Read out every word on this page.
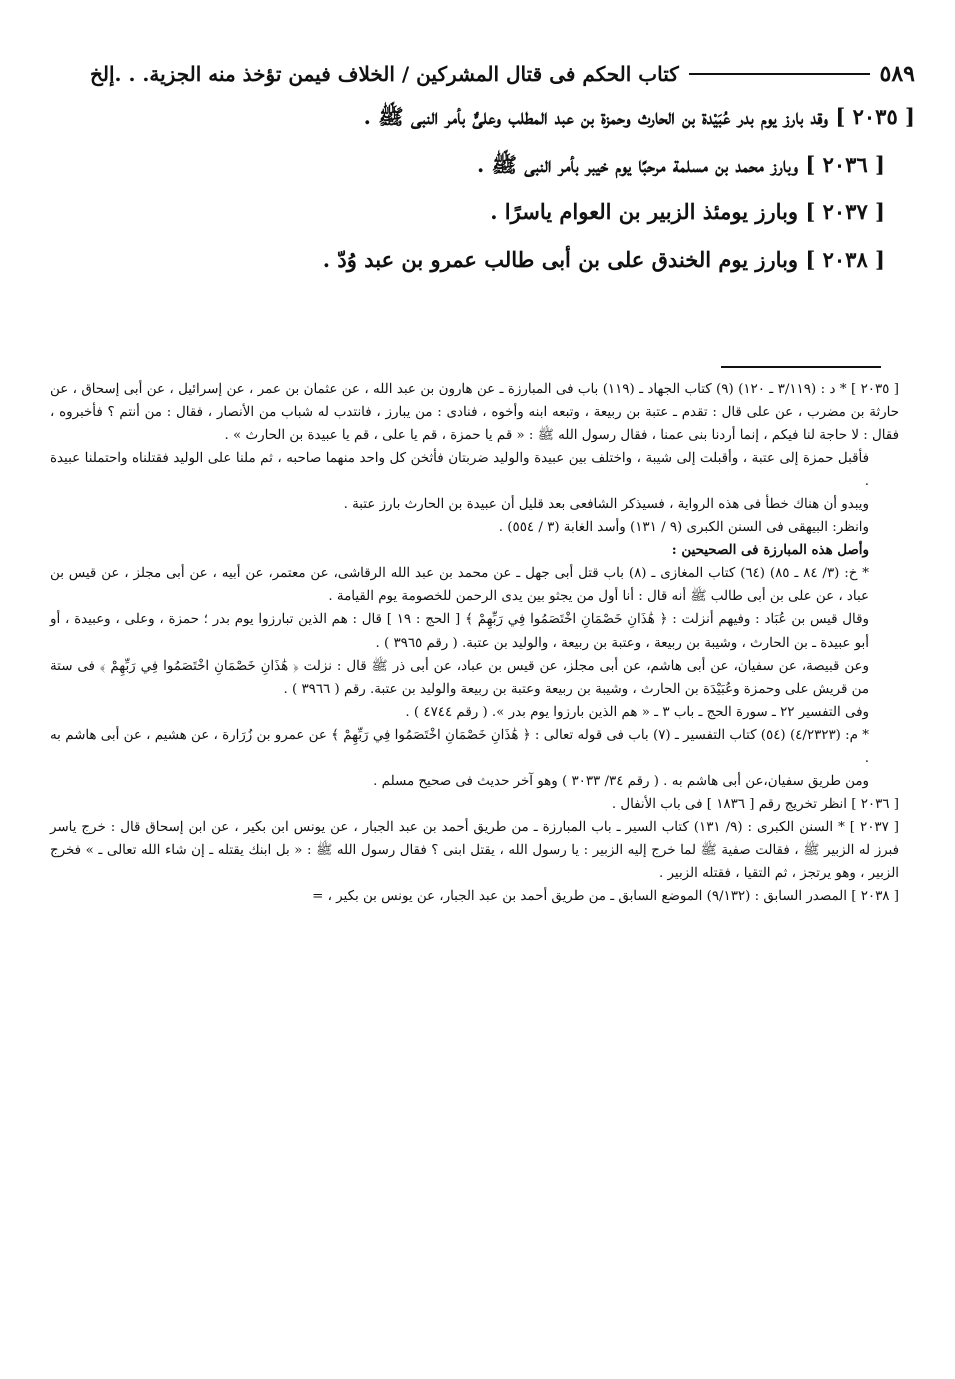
كتاب الحكم فى قتال المشركين / الخلاف فيمن تؤخذ منه الجزية. . .إلخ	٥٨٩

[ ٢٠٣٥ ] وقد بارز يوم بدر عُبَيْدة بن الحارث وحمزة بن عبد المطلب وعلىٌّ بأمر النبى ﷺ .

[ ٢٠٣٦ ] وبارز محمد بن مسلمة مرحبًا يوم خيبر بأمر النبى ﷺ .

[ ٢٠٣٧ ] وبارز يومئذ الزبير بن العوام ياسرًا .

[ ٢٠٣٨ ] وبارز يوم الخندق على بن أبى طالب عمرو بن عبد وُدّ .

[ ٢٠٣٥ ] * د : (٣/١١٩ ـ ١٢٠) (٩) كتاب الجهاد ـ (١١٩) باب فى المبارزة ـ عن هارون بن عبد الله ، عن عثمان بن عمر ، عن إسرائيل ، عن أبى إسحاق ، عن حارثة بن مضرب ، عن على قال : تقدم ـ عتبة بن ربيعة ، وتبعه ابنه وأخوه ، فنادى : من يبارز ، فانتدب له شباب من الأنصار ، فقال : من أنتم ؟ فأخبروه ، فقال : لا حاجة لنا فيكم ، إنما أردنا بنى عمنا ، فقال رسول الله ﷺ : « قم يا حمزة ، قم يا على ، قم يا عبيدة بن الحارث » .

فأقبل حمزة إلى عتبة ، وأقبلت إلى شيبة ، واختلف بين عبيدة والوليد ضربتان فأثخن كل واحد منهما صاحبه ، ثم ملنا على الوليد فقتلناه واحتملنا عبيدة .

ويبدو أن هناك خطأ فى هذه الرواية ، فسيذكر الشافعى بعد قليل أن عبيدة بن الحارث بارز عتبة .

وانظر: البيهقى فى السنن الكبرى (٩ / ١٣١) وأسد الغابة (٣ / ٥٥٤) .

وأصل هذه المبارزة فى الصحيحين :

* خ: (٣/ ٨٤ ـ ٨٥) (٦٤) كتاب المغازى ـ (٨) باب قتل أبى جهل ـ عن محمد بن عبد الله الرقاشى، عن معتمر، عن أبيه ، عن أبى مجلز ، عن قيس بن عباد ، عن على بن أبى طالب ﷺ أنه قال : أنا أول من يجثو بين يدى الرحمن للخصومة يوم القيامة .

وقال قيس بن عُبَاد : وفيهم أنزلت : ﴿ هَٰذَانِ خَصْمَانِ اخْتَصَمُوا فِي رَبِّهِمْ ﴾ [ الحج : ١٩ ] قال : هم الذين تبارزوا يوم بدر ؛ حمزة ، وعلى ، وعبيدة ، أو أبو عبيدة ـ بن الحارث ، وشيبة بن ربيعة ، وعتبة بن ربيعة ، والوليد بن عتبة. ( رقم ٣٩٦٥ ) .

وعن قبيصة، عن سفيان، عن أبى هاشم، عن أبى مجلز، عن قيس بن عباد، عن أبى ذر ﷺ قال : نزلت ﴿ هَٰذَانِ خَصْمَانِ اخْتَصَمُوا فِي رَبِّهِمْ ﴾ فى ستة من قريش على وحمزة وعُبَيْدَة بن الحارث ، وشيبة بن ربيعة وعتبة بن ربيعة والوليد بن عتبة. رقم ( ٣٩٦٦ ) .

وفى التفسير ٢٢ ـ سورة الحج ـ باب ٣ ـ « هم الذين بارزوا يوم بدر ». ( رقم ٤٧٤٤ ) .

* م: (٤/٢٣٢٣) (٥٤) كتاب التفسير ـ (٧) باب فى قوله تعالى : ﴿ هَٰذَانِ خَصْمَانِ اخْتَصَمُوا فِي رَبِّهِمْ ﴾ عن عمرو بن زُرَارة ، عن هشيم ، عن أبى هاشم به .

ومن طريق سفيان،عن أبى هاشم به . ( رقم ٣٤/ ٣٠٣٣ ) وهو آخر حديث فى صحيح مسلم .

[ ٢٠٣٦ ] انظر تخريج رقم [ ١٨٣٦ ] فى باب الأنفال .

[ ٢٠٣٧ ] * السنن الكبرى : (٩/ ١٣١) كتاب السير ـ باب المبارزة ـ من طريق أحمد بن عبد الجبار ، عن يونس ابن بكير ، عن ابن إسحاق قال : خرج ياسر فبرز له الزبير ﷺ ، فقالت صفية ﷺ لما خرج إليه الزبير : يا رسول الله ، يقتل ابنى ؟ فقال رسول الله ﷺ : « بل ابنك يقتله ـ إن شاء الله تعالى ـ » فخرج الزبير ، وهو يرتجز ، ثم التقيا ، فقتله الزبير .

[ ٢٠٣٨ ] المصدر السابق : (٩/١٣٢) الموضع السابق ـ من طريق أحمد بن عبد الجبار، عن يونس بن بكير ، =
